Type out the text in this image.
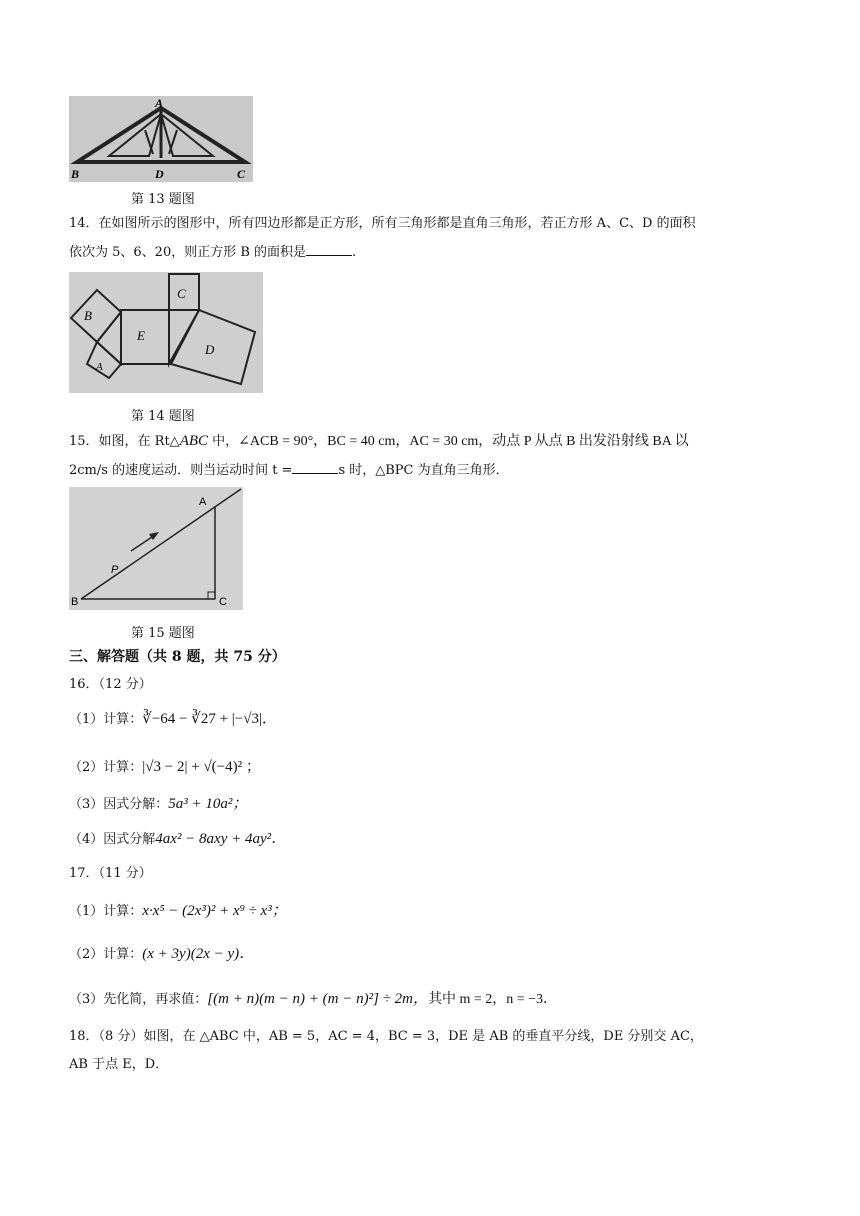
A
B	D	C
第 13 题图
14．在如图所示的图形中，所有四边形都是正方形，所有三角形都是直角三角形，若正方形 A、C、D 的面积
依次为 5、6、20，则正方形 B 的面积是	.
B
E
C
D
A
第 14 题图
15．如图，在 Rt△ABC 中，∠ACB = 90°，BC = 40 cm，AC = 30 cm，动点 P 从点 B 出发沿射线 BA 以
2cm/s 的速度运动．则当运动时间 t =	s 时，△BPC 为直角三角形．
A
B	C
P
第 15 题图
三、解答题（共 8 题，共 75 分）
16．（12 分）
（1）计算：∛−64 − ∛27 + |−√3|．
（2）计算：|√3 − 2| + √(−4)² ；
（3）因式分解：5a³ + 10a²；
（4）因式分解4ax² − 8axy + 4ay²．
17．（11 分）
（1）计算：x·x⁵ − (2x³)² + x⁹ ÷ x³；
（2）计算：(x + 3y)(2x − y)．
（3）先化简，再求值：[(m + n)(m − n) + (m − n)²] ÷ 2m，其中 m = 2，n = −3．
18．（8 分）如图，在 △ABC 中，AB = 5，AC = 4，BC = 3，DE 是 AB 的垂直平分线，DE 分别交 AC，
AB 于点 E，D．
